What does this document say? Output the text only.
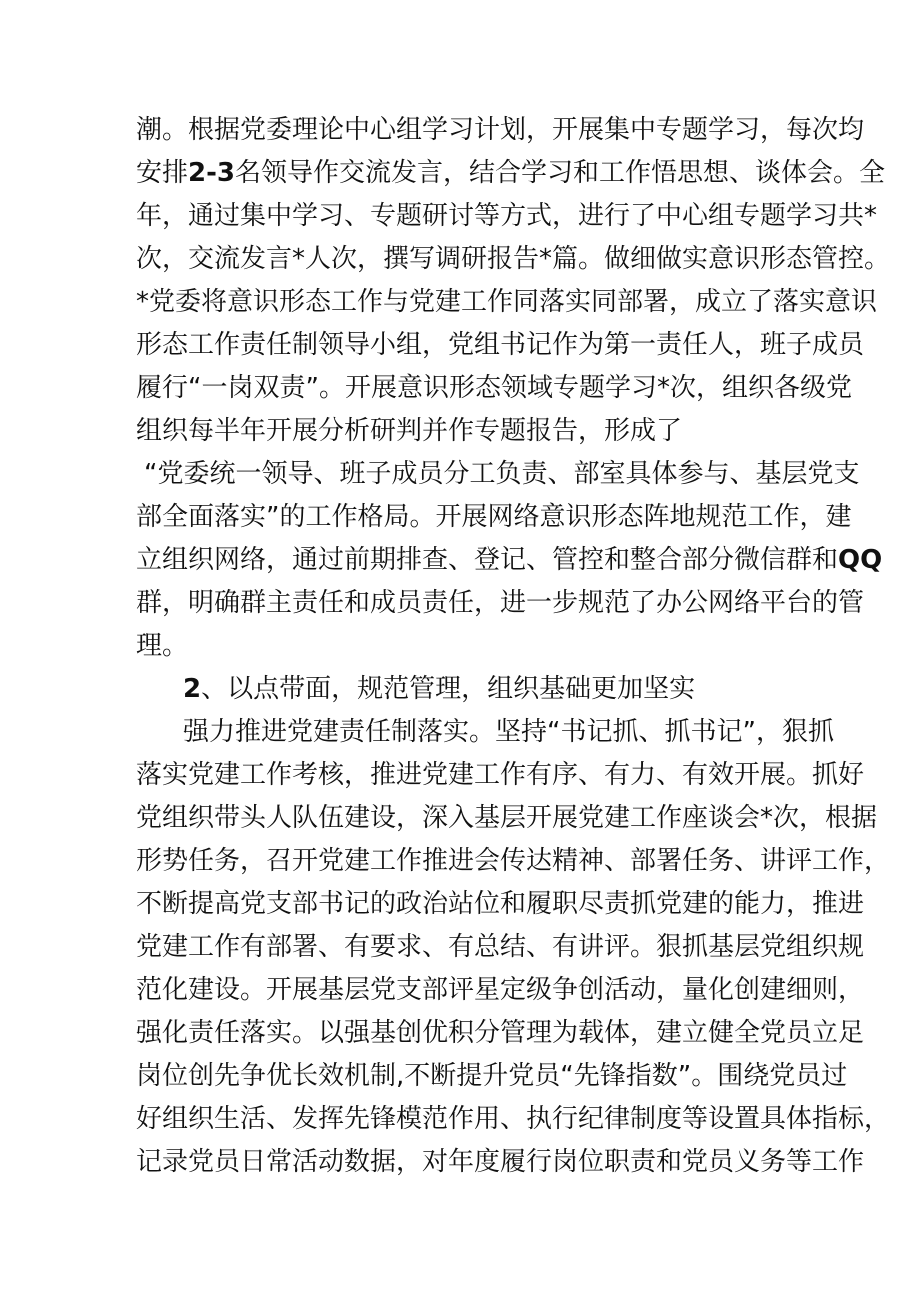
潮。根据党委理论中心组学习计划，开展集中专题学习，每次均

安排2-3名领导作交流发言，结合学习和工作悟思想、谈体会。全

年，通过集中学习、专题研讨等方式，进行了中心组专题学习共*

次，交流发言*人次，撰写调研报告*篇。做细做实意识形态管控。

*党委将意识形态工作与党建工作同落实同部署，成立了落实意识

形态工作责任制领导小组，党组书记作为第一责任人，班子成员

履行“一岗双责”。开展意识形态领域专题学习*次，组织各级党

组织每半年开展分析研判并作专题报告，形成了

“党委统一领导、班子成员分工负责、部室具体参与、基层党支

部全面落实”的工作格局。开展网络意识形态阵地规范工作，建

立组织网络，通过前期排查、登记、管控和整合部分微信群和QQ

群，明确群主责任和成员责任，进一步规范了办公网络平台的管

理。

2、以点带面，规范管理，组织基础更加坚实

强力推进党建责任制落实。坚持“书记抓、抓书记”，狠抓

落实党建工作考核，推进党建工作有序、有力、有效开展。抓好

党组织带头人队伍建设，深入基层开展党建工作座谈会*次，根据

形势任务，召开党建工作推进会传达精神、部署任务、讲评工作，

不断提高党支部书记的政治站位和履职尽责抓党建的能力，推进

党建工作有部署、有要求、有总结、有讲评。狠抓基层党组织规

范化建设。开展基层党支部评星定级争创活动，量化创建细则，

强化责任落实。以强基创优积分管理为载体，建立健全党员立足

岗位创先争优长效机制,不断提升党员“先锋指数”。围绕党员过

好组织生活、发挥先锋模范作用、执行纪律制度等设置具体指标，

记录党员日常活动数据，对年度履行岗位职责和党员义务等工作
